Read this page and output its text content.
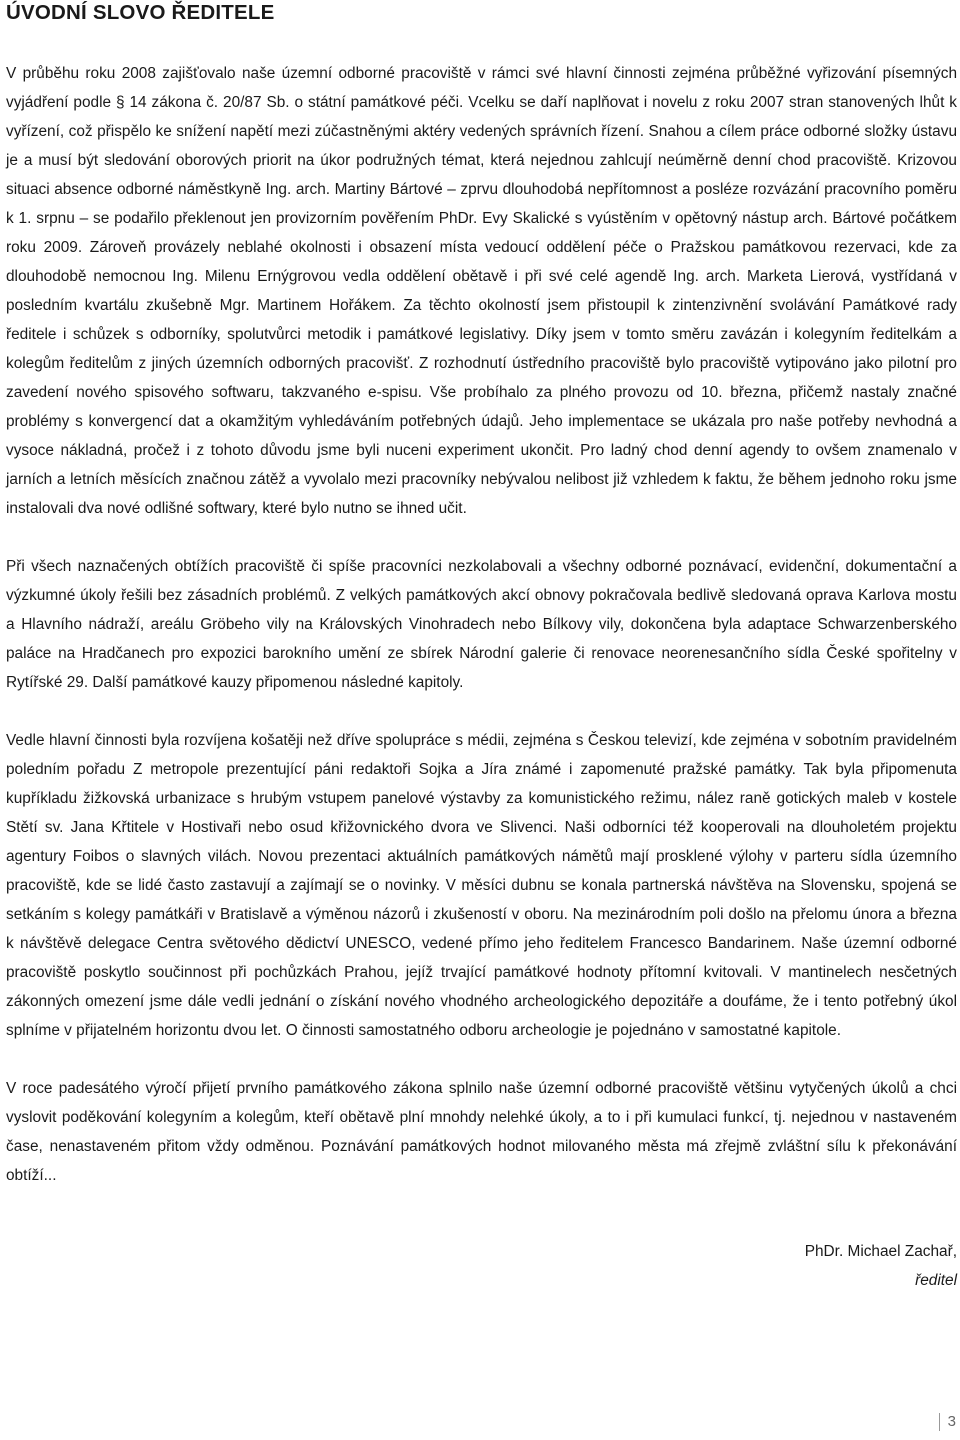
ÚVODNÍ SLOVO ŘEDITELE

V průběhu roku 2008 zajišťovalo naše územní odborné pracoviště v rámci své hlavní činnosti zejména průběžné vyřizování písemných vyjádření podle § 14 zákona č. 20/87 Sb. o státní památkové péči. Vcelku se daří naplňovat i novelu z roku 2007 stran stanovených lhůt k vyřízení, což přispělo ke snížení napětí mezi zúčastněnými aktéry vedených správních řízení. Snahou a cílem práce odborné složky ústavu je a musí být sledování oborových priorit na úkor podružných témat, která nejednou zahlcují neúměrně denní chod pracoviště. Krizovou situaci absence odborné náměstkyně Ing. arch. Martiny Bártové – zprvu dlouhodobá nepřítomnost a posléze rozvázání pracovního poměru k 1. srpnu – se podařilo překlenout jen provizorním pověřením PhDr. Evy Skalické s vyústěním v opětovný nástup arch. Bártové počátkem roku 2009. Zároveň provázely neblahé okolnosti i obsazení místa vedoucí oddělení péče o Pražskou památkovou rezervaci, kde za dlouhodobě nemocnou Ing. Milenu Ernýgrovou vedla oddělení obětavě i při své celé agendě Ing. arch. Marketa Lierová, vystřídaná v posledním kvartálu zkušebně Mgr. Martinem Hořákem. Za těchto okolností jsem přistoupil k zintenzivnění svolávání Památkové rady ředitele i schůzek s odborníky, spolutvůrci metodik i památkové legislativy. Díky jsem v tomto směru zavázán i kolegyním ředitelkám a kolegům ředitelům z jiných územních odborných pracovišť. Z rozhodnutí ústředního pracoviště bylo pracoviště vytipováno jako pilotní pro zavedení nového spisového softwaru, takzvaného e-spisu. Vše probíhalo za plného provozu od 10. března, přičemž nastaly značné problémy s konvergencí dat a okamžitým vyhledáváním potřebných údajů. Jeho implementace se ukázala pro naše potřeby nevhodná a vysoce nákladná, pročež i z tohoto důvodu jsme byli nuceni experiment ukončit. Pro ladný chod denní agendy to ovšem znamenalo v jarních a letních měsících značnou zátěž a vyvolalo mezi pracovníky nebývalou nelibost již vzhledem k faktu, že během jednoho roku jsme instalovali dva nové odlišné softwary, které bylo nutno se ihned učit.

Při všech naznačených obtížích pracoviště či spíše pracovníci nezkolabovali a všechny odborné poznávací, evidenční, dokumentační a výzkumné úkoly řešili bez zásadních problémů. Z velkých památkových akcí obnovy pokračovala bedlivě sledovaná oprava Karlova mostu a Hlavního nádraží, areálu Gröbeho vily na Královských Vinohradech nebo Bílkovy vily, dokončena byla adaptace Schwarzenberského paláce na Hradčanech pro expozici barokního umění ze sbírek Národní galerie či renovace neorenesančního sídla České spořitelny v Rytířské 29. Další památkové kauzy připomenou následné kapitoly.

Vedle hlavní činnosti byla rozvíjena košatěji než dříve spolupráce s médii, zejména s Českou televizí, kde zejména v sobotním pravidelném poledním pořadu Z metropole prezentující páni redaktoři Sojka a Jíra známé i zapomenuté pražské památky. Tak byla připomenuta kupříkladu žižkovská urbanizace s hrubým vstupem panelové výstavby za komunistického režimu, nález raně gotických maleb v kostele Stětí sv. Jana Křtitele v Hostivaři nebo osud křižovnického dvora ve Slivenci. Naši odborníci též kooperovali na dlouholetém projektu agentury Foibos o slavných vilách. Novou prezentaci aktuálních památkových námětů mají prosklené výlohy v parteru sídla územního pracoviště, kde se lidé často zastavují a zajímají se o novinky. V měsíci dubnu se konala partnerská návštěva na Slovensku, spojená se setkáním s kolegy památkáři v Bratislavě a výměnou názorů i zkušeností v oboru. Na mezinárodním poli došlo na přelomu února a března k návštěvě delegace Centra světového dědictví UNESCO, vedené přímo jeho ředitelem Francesco Bandarinem. Naše územní odborné pracoviště poskytlo součinnost při pochůzkách Prahou, jejíž trvající památkové hodnoty přítomní kvitovali. V mantinelech nesčetných zákonných omezení jsme dále vedli jednání o získání nového vhodného archeologického depozitáře a doufáme, že i tento potřebný úkol splníme v přijatelném horizontu dvou let. O činnosti samostatného odboru archeologie je pojednáno v samostatné kapitole.

V roce padesátého výročí přijetí prvního památkového zákona splnilo naše územní odborné pracoviště většinu vytyčených úkolů a chci vyslovit poděkování kolegyním a kolegům, kteří obětavě plní mnohdy nelehké úkoly, a to i při kumulaci funkcí, tj. nejednou v nastaveném čase, nenastaveném přitom vždy odměnou. Poznávání památkových hodnot milovaného města má zřejmě zvláštní sílu k překonávání obtíží...

PhDr. Michael Zachař,
ředitel
3
